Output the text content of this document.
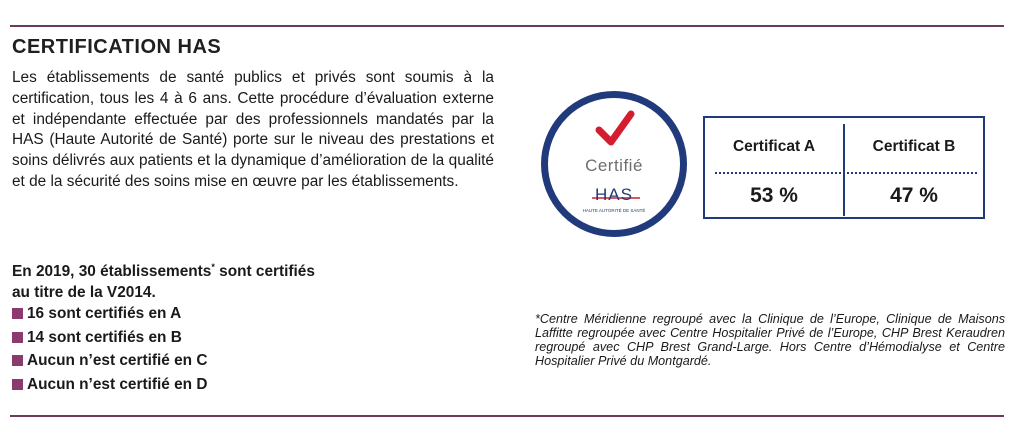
CERTIFICATION HAS

Les établissements de santé publics et privés sont soumis à la certification, tous les 4 à 6 ans. Cette procédure d’évaluation externe et indépendante effectuée par des professionnels mandatés par la HAS (Haute Autorité de Santé) porte sur le niveau des prestations et soins délivrés aux patients et la dynamique d’amélioration de la qualité et de la sécurité des soins mise en œuvre par les établissements.

En 2019, 30 établissements* sont certifiés
au titre de la V2014.

16 sont certifiés en A
14 sont certifiés en B
Aucun n’est certifié en C
Aucun n’est certifié en D
Certifié
HAS
HAUTE AUTORITÉ DE SANTÉ
Certificat A	Certificat B
53 %	47 %

*Centre Méridienne regroupé avec la Clinique de l’Europe, Clinique de Maisons Laffitte regroupée avec Centre Hospitalier Privé de l’Europe, CHP Brest Keraudren regroupé avec CHP Brest Grand-Large. Hors Centre d’Hémodialyse et Centre Hospitalier Privé du Montgardé.
